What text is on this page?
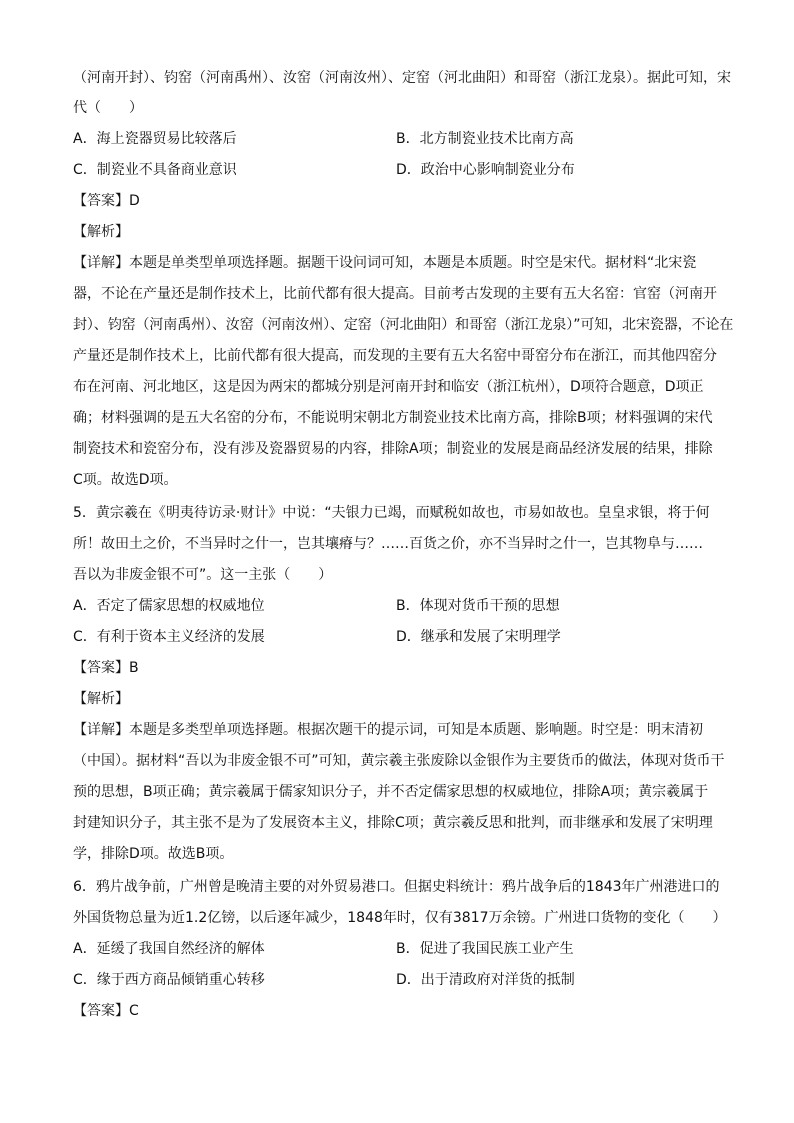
（河南开封）、钧窑（河南禹州）、汝窑（河南汝州）、定窑（河北曲阳）和哥窑（浙江龙泉）。据此可知，宋
代（　　）
A．海上瓷器贸易比较落后	B．北方制瓷业技术比南方高
C．制瓷业不具备商业意识	D．政治中心影响制瓷业分布
【答案】D
【解析】
【详解】本题是单类型单项选择题。据题干设问词可知，本题是本质题。时空是宋代。据材料“北宋瓷
器，不论在产量还是制作技术上，比前代都有很大提高。目前考古发现的主要有五大名窑：官窑（河南开
封）、钧窑（河南禹州）、汝窑（河南汝州）、定窑（河北曲阳）和哥窑（浙江龙泉）”可知，北宋瓷器，不论在
产量还是制作技术上，比前代都有很大提高，而发现的主要有五大名窑中哥窑分布在浙江，而其他四窑分
布在河南、河北地区，这是因为两宋的都城分别是河南开封和临安（浙江杭州），D项符合题意，D项正
确；材料强调的是五大名窑的分布，不能说明宋朝北方制瓷业技术比南方高，排除B项；材料强调的宋代
制瓷技术和瓷窑分布，没有涉及瓷器贸易的内容，排除A项；制瓷业的发展是商品经济发展的结果，排除
C项。故选D项。
5．黄宗羲在《明夷待访录·财计》中说：“夫银力已竭，而赋税如故也，市易如故也。皇皇求银，将于何
所！故田土之价，不当异时之什一，岂其壤瘠与？……百货之价，亦不当异时之什一，岂其物阜与……
吾以为非废金银不可”。这一主张（　　）
A．否定了儒家思想的权威地位	B．体现对货币干预的思想
C．有利于资本主义经济的发展	D．继承和发展了宋明理学
【答案】B
【解析】
【详解】本题是多类型单项选择题。根据次题干的提示词，可知是本质题、影响题。时空是：明末清初
（中国）。据材料“吾以为非废金银不可”可知，黄宗羲主张废除以金银作为主要货币的做法，体现对货币干
预的思想，B项正确；黄宗羲属于儒家知识分子，并不否定儒家思想的权威地位，排除A项；黄宗羲属于
封建知识分子，其主张不是为了发展资本主义，排除C项；黄宗羲反思和批判，而非继承和发展了宋明理
学，排除D项。故选B项。
6．鸦片战争前，广州曾是晚清主要的对外贸易港口。但据史料统计：鸦片战争后的1843年广州港进口的
外国货物总量为近1.2亿镑，以后逐年减少，1848年时，仅有3817万余镑。广州进口货物的变化（　　）
A．延缓了我国自然经济的解体	B．促进了我国民族工业产生
C．缘于西方商品倾销重心转移	D．出于清政府对洋货的抵制
【答案】C
